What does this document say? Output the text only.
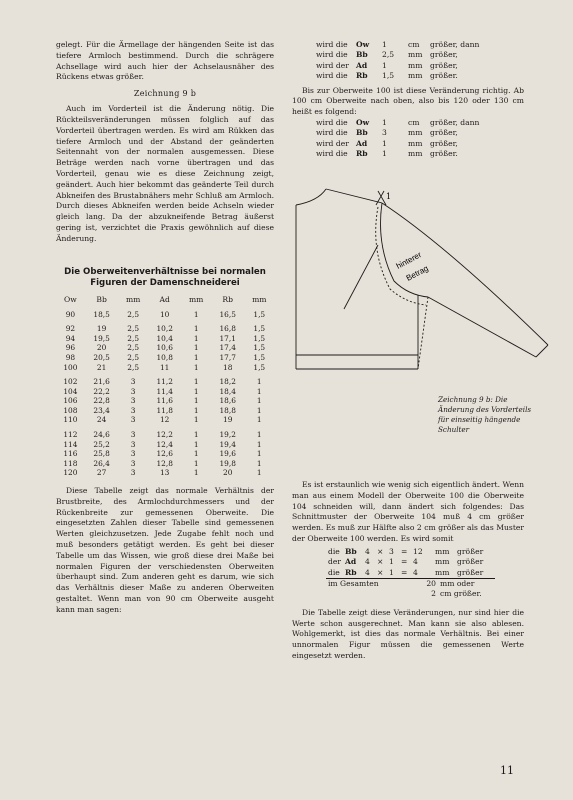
gelegt. Für die Ärmellage der hängenden Seite ist das tiefere Armloch bestimmend. Durch die schrägere Achsellage wird auch hier der Achselausnäher des Rückens etwas größer.

Zeichnung 9 b

Auch im Vorderteil ist die Änderung nötig. Die Rückteilsveränderungen müssen folglich auf das Vorderteil übertragen werden. Es wird am Rükken das tiefere Armloch und der Abstand der geänderten Seitennaht von der normalen ausgemessen. Diese Beträge werden nach vorne übertragen und das Vorderteil, genau wie es diese Zeichnung zeigt, geändert. Auch hier bekommt das geänderte Teil durch Abkneifen des Brustabnähers mehr Schluß am Armloch. Durch dieses Abkneifen werden beide Achseln wieder gleich lang. Da der abzukneifende Betrag äußerst gering ist, verzichtet die Praxis gewöhnlich auf diese Änderung.

Die Oberweitenverhältnisse bei normalen Figuren der Damenschneiderei
Ow	Bb	mm	Ad	mm	Rb	mm
90	18,5	2,5	10	1	16,5	1,5

92	19	2,5	10,2	1	16,8	1,5
94	19,5	2,5	10,4	1	17,1	1,5
96	20	2,5	10,6	1	17,4	1,5
98	20,5	2,5	10,8	1	17,7	1,5
100	21	2,5	11	1	18	1,5

102	21,6	3	11,2	1	18,2	1
104	22,2	3	11,4	1	18,4	1
106	22,8	3	11,6	1	18,6	1
108	23,4	3	11,8	1	18,8	1
110	24	3	12	1	19	1

112	24,6	3	12,2	1	19,2	1
114	25,2	3	12,4	1	19,4	1
116	25,8	3	12,6	1	19,6	1
118	26,4	3	12,8	1	19,8	1
120	27	3	13	1	20	1

Diese Tabelle zeigt das normale Verhältnis der Brustbreite, des Armlochdurchmessers und der Rückenbreite zur gemessenen Oberweite. Die eingesetzten Zahlen dieser Tabelle sind gemessenen Werten gleichzusetzen. Jede Zugabe fehlt noch und muß besonders getätigt werden. Es geht bei dieser Tabelle um das Wissen, wie groß diese drei Maße bei normalen Figuren der verschiedensten Oberweiten überhaupt sind. Zum anderen geht es darum, wie sich das Verhältnis dieser Maße zu anderen Oberweiten gestaltet. Wenn man von 90 cm Oberweite ausgeht kann man sagen:

wird die	Ow	1	cm	größer, dann
wird die	Bb	2,5	mm	größer,
wird der	Ad	1	mm	größer,
wird die	Rb	1,5	mm	größer.

Bis zur Oberweite 100 ist diese Veränderung richtig. Ab 100 cm Oberweite nach oben, also bis 120 oder 130 cm heißt es folgend:

wird die	Ow	1	cm	größer, dann
wird die	Bb	3	mm	größer,
wird der	Ad	1	mm	größer,
wird die	Rb	1	mm	größer.
1
hinterer
Betrag
Zeichnung 9 b: Die Änderung des Vorderteils für einseitig hängende Schulter

Es ist erstaunlich wie wenig sich eigentlich ändert. Wenn man aus einem Modell der Oberweite 100 die Oberweite 104 schneiden will, dann ändert sich folgendes: Das Schnittmuster der Oberweite 104 muß 4 cm größer werden. Es muß zur Hälfte also 2 cm größer als das Muster der Oberweite 100 werden. Es wird somit

die	Bb	4	×	3	=	12	mm	größer
der	Ad	4	×	1	=	4	mm	größer
die	Rb	4	×	1	=	4	mm	größer
im Gesamten	20	mm oder
	2	cm größer.

Die Tabelle zeigt diese Veränderungen, nur sind hier die Werte schon ausgerechnet. Man kann sie also ablesen. Wohlgemerkt, ist dies das normale Verhältnis. Bei einer unnormalen Figur müssen die gemessenen Werte eingesetzt werden.

11
